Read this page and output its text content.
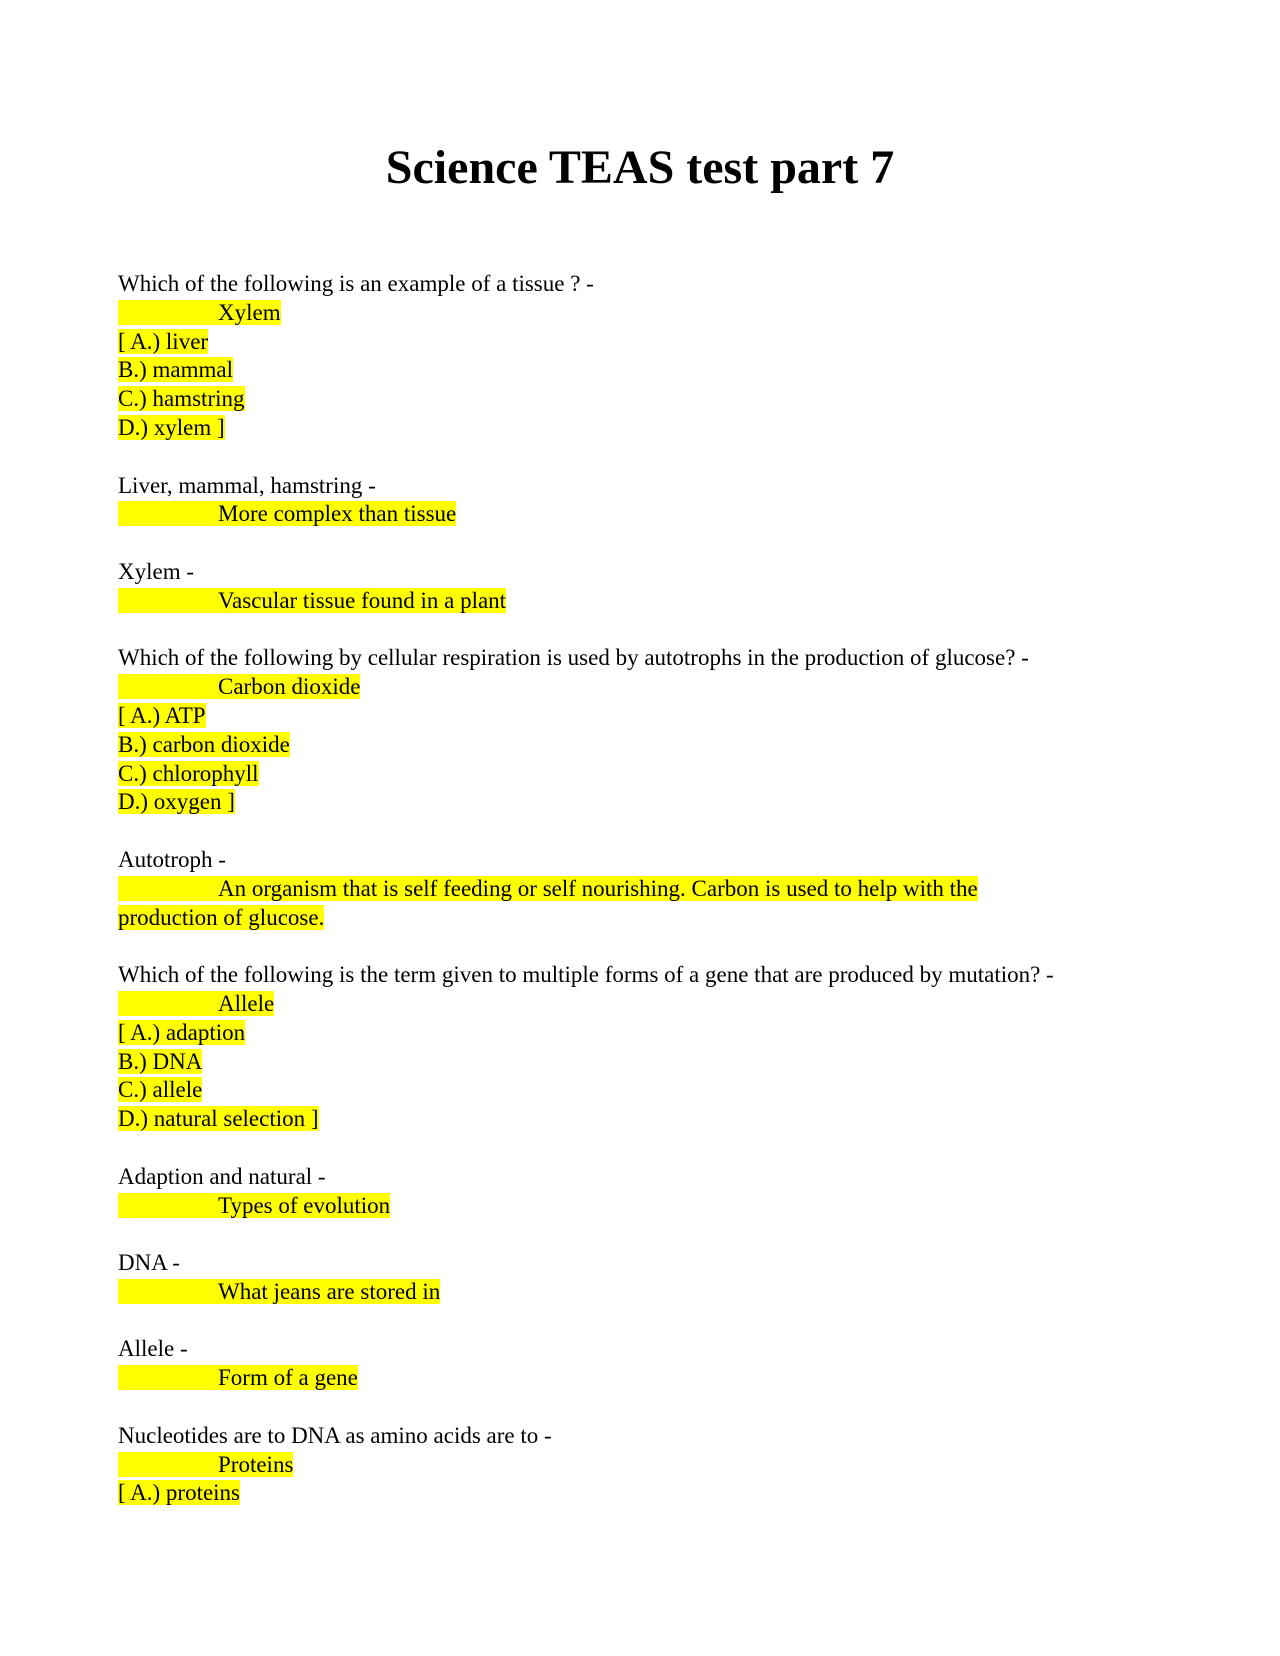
Science TEAS test part 7
Which of the following is an example of a tissue ? -
Xylem
[ A.) liver
B.) mammal
C.) hamstring
D.) xylem ]
Liver, mammal, hamstring -
More complex than tissue
Xylem -
Vascular tissue found in a plant
Which of the following by cellular respiration is used by autotrophs in the production of glucose? -
Carbon dioxide
[ A.) ATP
B.) carbon dioxide
C.) chlorophyll
D.) oxygen ]
Autotroph -
An organism that is self feeding or self nourishing. Carbon is used to help with the
production of glucose.
Which of the following is the term given to multiple forms of a gene that are produced by mutation? -
Allele
[ A.) adaption
B.) DNA
C.) allele
D.) natural selection ]
Adaption and natural -
Types of evolution
DNA -
What jeans are stored in
Allele -
Form of a gene
Nucleotides are to DNA as amino acids are to -
Proteins
[ A.) proteins
